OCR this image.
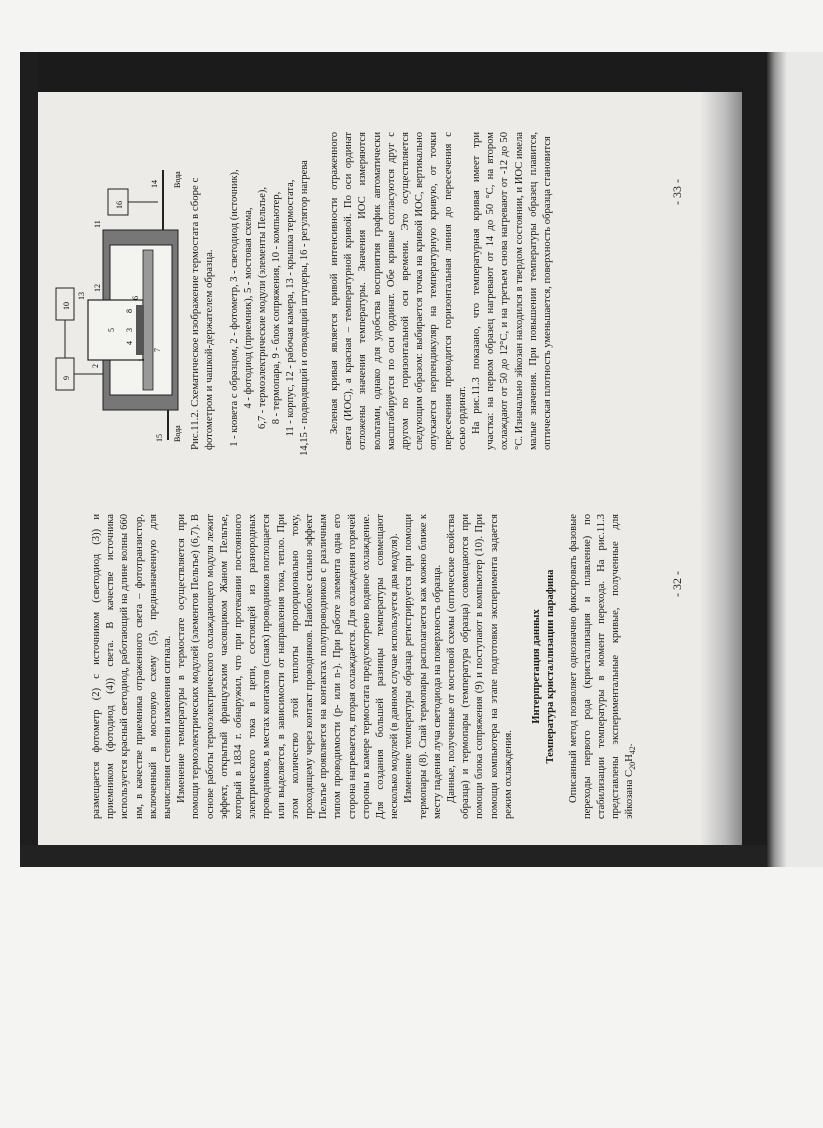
размещается фотометр (2) с источником (светодиод (3)) и приемником (фотодиод (4)) света. В качестве источника используется красный светодиод, работающий на длине волны 660 нм, в качестве приемника отраженного света – фототранзистор, включенный в мостовую схему (5), предназначенную для вычисления степени изменения сигнала. Изменение температуры в термостате осуществляется при помощи термоэлектрических модулей (элементов Пельтье) (6,7). В основе работы термоэлектрического охлаждающего модуля лежит эффект, открытый французским часовщиком Жаном Пельтье, который в 1834 г. обнаружил, что при протекании постоянного электрического тока в цепи, состоящей из разнородных проводников, в местах контактов (спаях) проводников поглощается или выделяется, в зависимости от направления тока, тепло. При этом количество этой теплоты пропорционально току, проходящему через контакт проводников. Наиболее сильно эффект Пельтье проявляется на контактах полупроводников с различным типом проводимости (p- или n-). При работе элемента одна его сторона нагревается, вторая охлаждается. Для охлаждения горячей стороны в камере термостата предусмотрено водяное охлаждение. Для создания большей разницы температуры совмещают несколько модулей (в данном случае используется два модуля). Изменение температуры образца регистрируется при помощи термопары (8). Спай термопары располагается как можно ближе к месту падения луча светодиода на поверхность образца. Данные, полученные от мостовой схемы (оптические свойства образца) и термопары (температура образца) совмещаются при помощи блока сопряжения (9) и поступают в компьютер (10). При помощи компьютера на этапе подготовки эксперимента задается режим охлаждения.

Интерпретация данных Температура кристаллизации парафина Описанный метод позволяет однозначно фиксировать фазовые переходы первого рода (кристаллизация и плавление) по стабилизации температуры в момент перехода. На рис.11.3 представлены экспериментальные кривые, полученные для эйкозана $C_{20}H_{42}$.

- 32 -
9
10
16
15
14
13
12
11
2
5
4
3
8
6
1
7
Вода
Вода Рис.11.2. Схематическое изображение термостата в сборе с фотометром и чашкой-держателем образца. 1 - кювета с образцом, 2 - фотометр, 3 - светодиод (источник), 4 - фотодиод (приемник), 5 - мостовая схема, 6,7 - термоэлектрические модули (элементы Пельтье), 8 - термопара, 9 - блок сопряжения, 10 - компьютер, 11 - корпус, 12 - рабочая камера, 13 - крышка термостата, 14,15 - подводящий и отводящий штуцеры, 16 - регулятор нагрева Зеленая кривая является кривой интенсивности отраженного света (ИОС), а красная – температурной кривой. По оси ординат отложены значения температуры. Значения ИОС измеряются вольтами, однако для удобства восприятия график автоматически масштабируется по оси ординат. Обе кривые согласуются друг с другом по горизонтальной оси времени. Это осуществляется следующим образом: выбирается точка на кривой ИОС, вертикально опускается перпендикуляр на температурную кривую, от точки пересечения проводится горизонтальная линия до пересечения с осью ординат. На рис.11.3 показано, что температурная кривая имеет три участка: на первом образец нагревают от 14 до 50 °С, на втором охлаждают от 50 до 12°С, и на третьем снова нагревают от -12 до 50 °С. Изначально эйкозан находился в твердом состоянии, и ИОС имела малые значения. При повышении температуры образец плавится, оптическая плотность уменьшается, поверхность образца становится	- 33 -
